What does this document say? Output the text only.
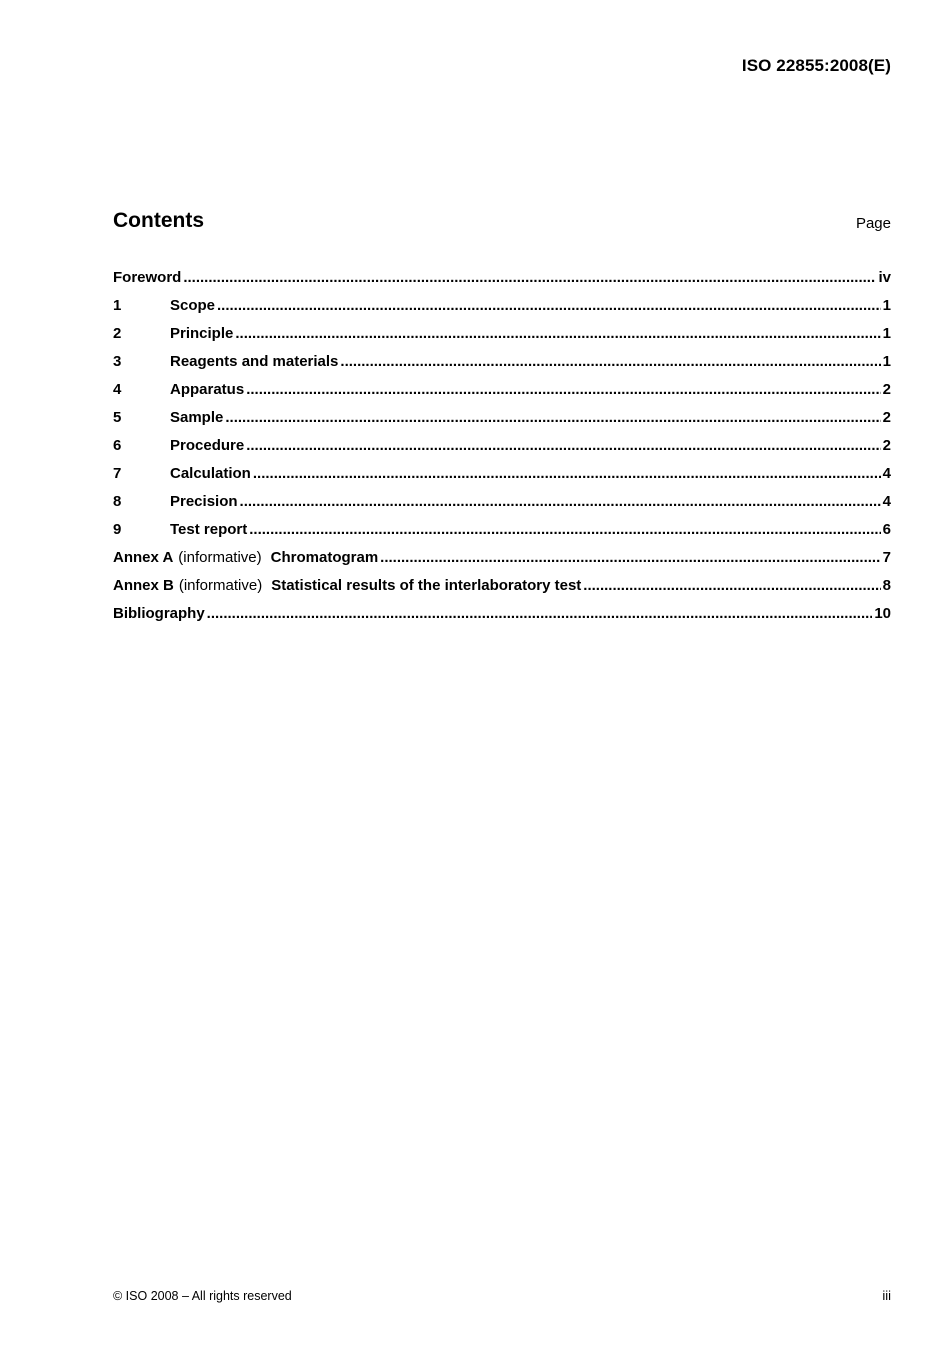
ISO 22855:2008(E)
Contents	Page
Foreword .....	iv
1	Scope .....	1
2	Principle .....	1
3	Reagents and materials .....	1
4	Apparatus .....	2
5	Sample .....	2
6	Procedure .....	2
7	Calculation .....	4
8	Precision .....	4
9	Test report .....	6
Annex A (informative) Chromatogram .....	7
Annex B (informative) Statistical results of the interlaboratory test .....	8
Bibliography .....	10
© ISO 2008 – All rights reserved	iii
